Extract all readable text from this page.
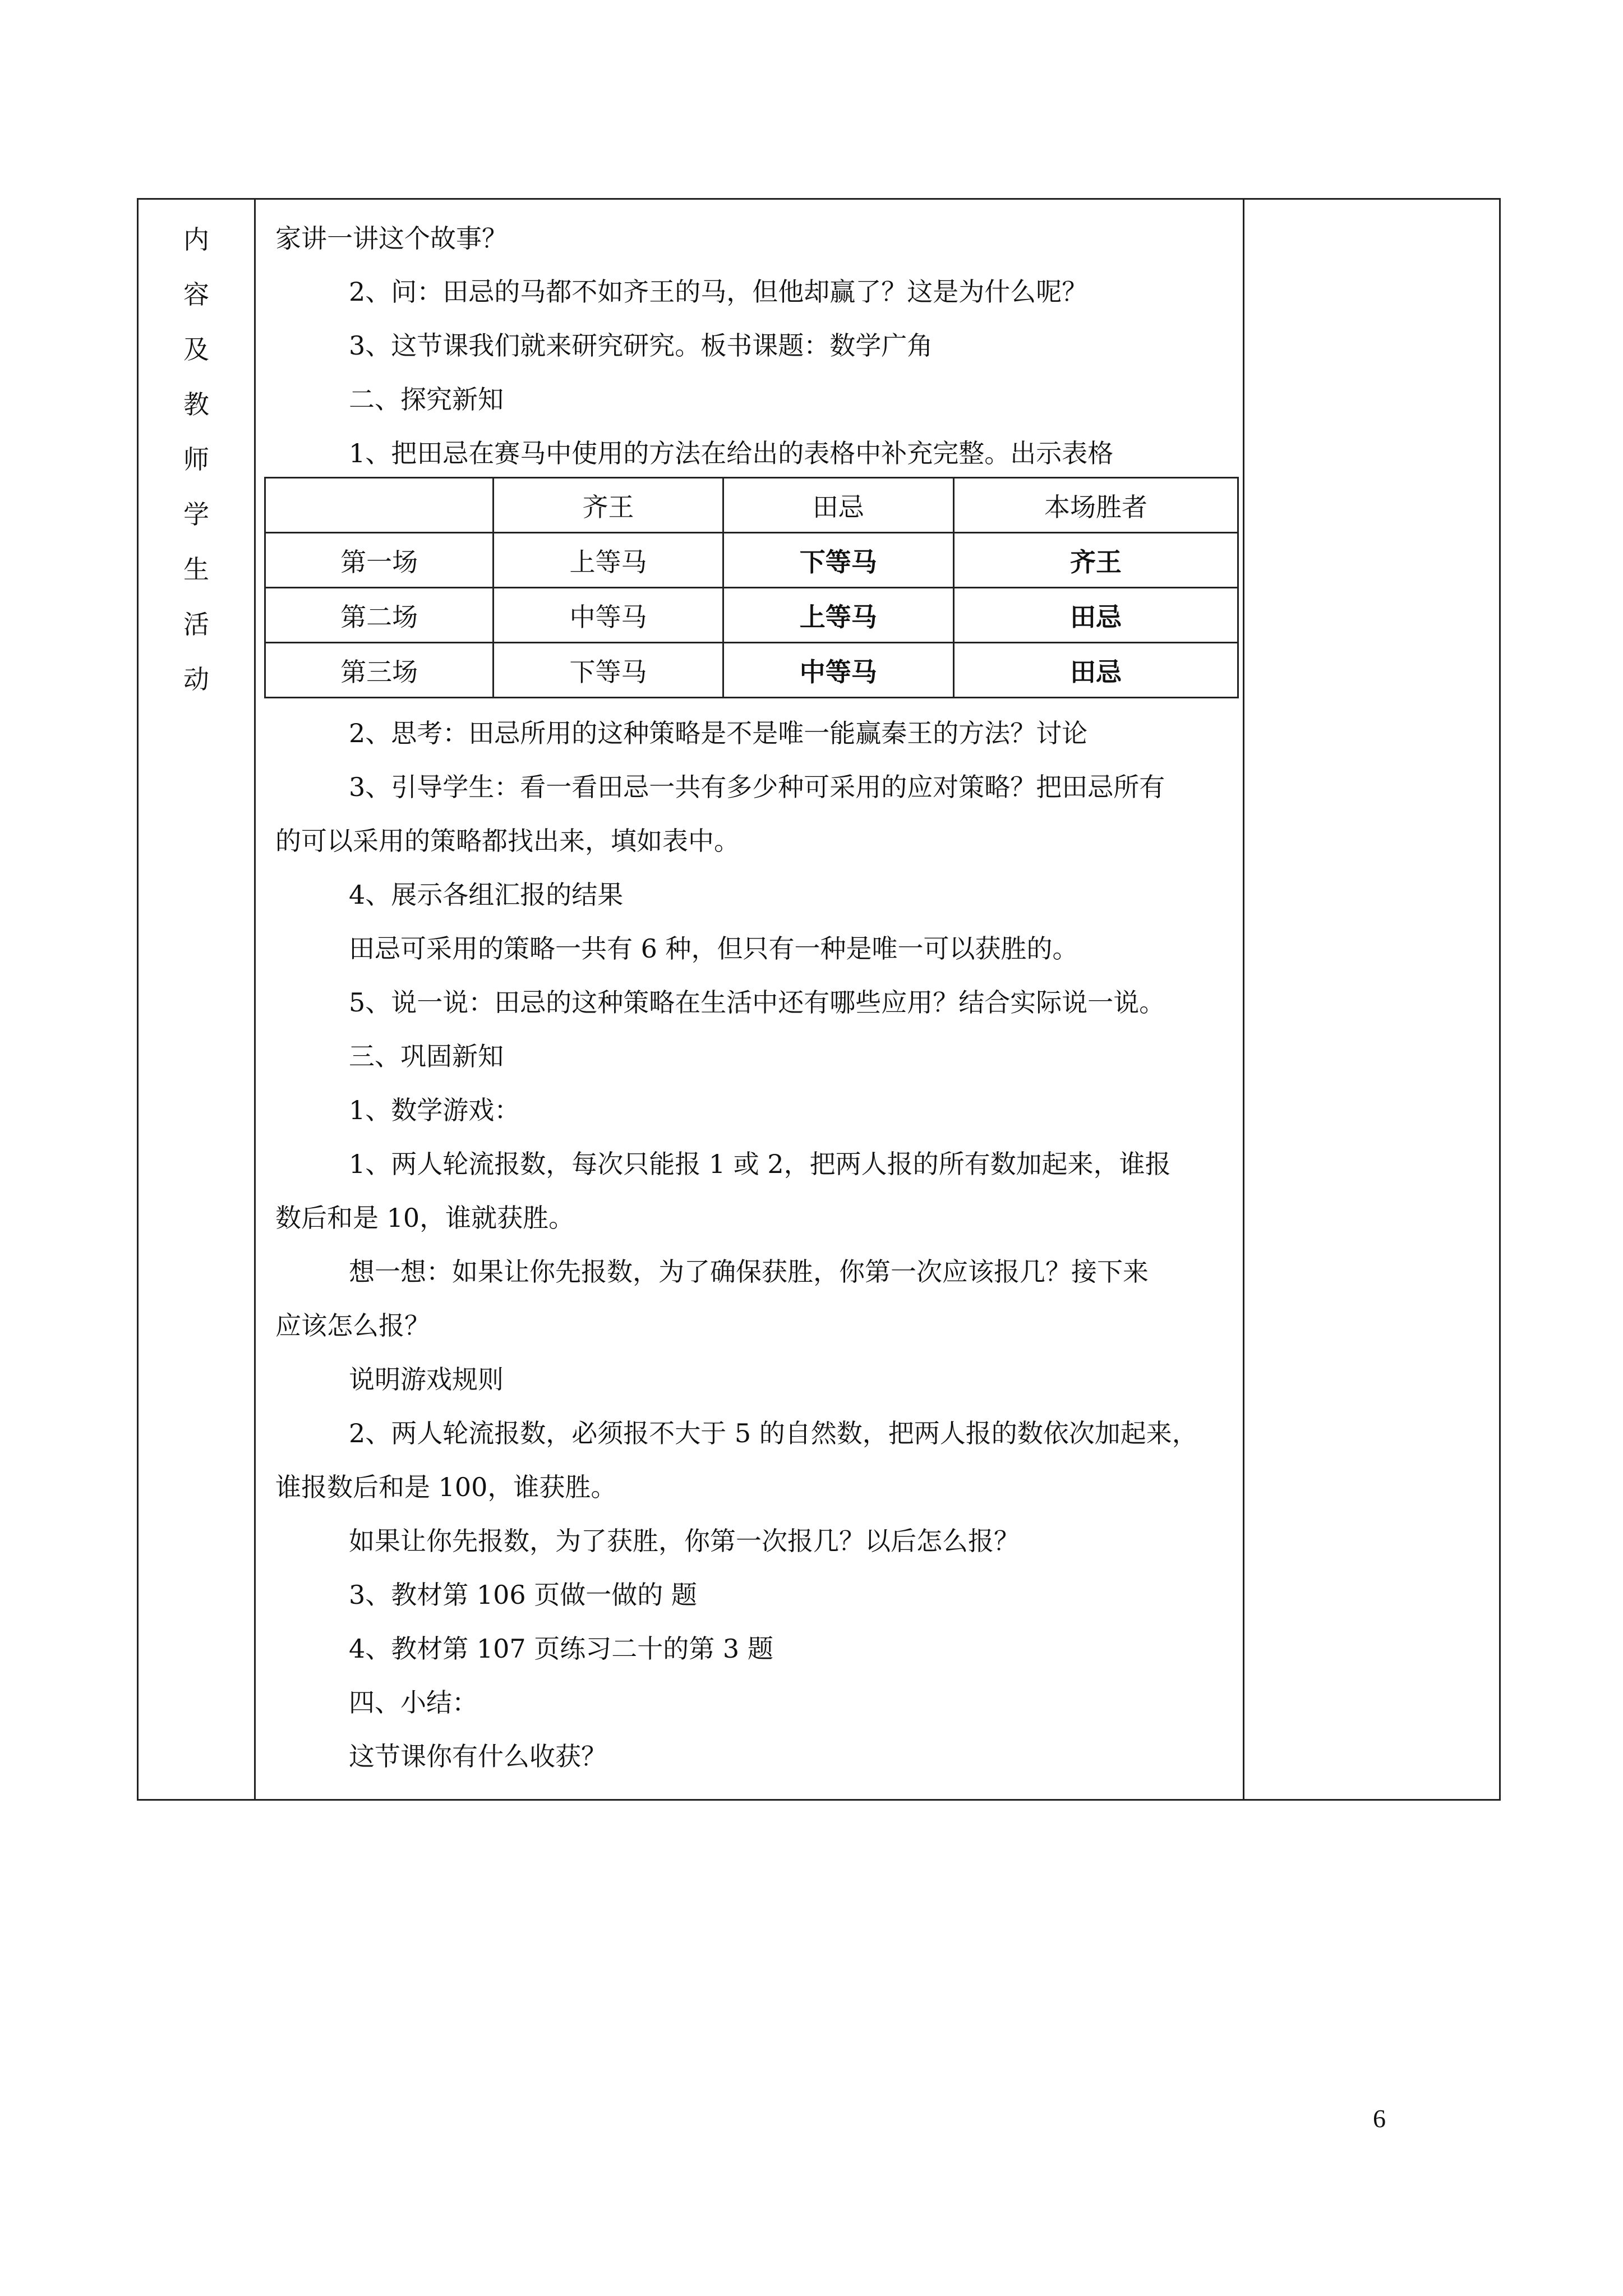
内
容
及
教
师
学
生
活
动
家讲一讲这个故事？
2、问：田忌的马都不如齐王的马，但他却赢了？这是为什么呢？
3、这节课我们就来研究研究。板书课题：数学广角
二、探究新知
1、把田忌在赛马中使用的方法在给出的表格中补充完整。出示表格
2、思考：田忌所用的这种策略是不是唯一能赢秦王的方法？讨论
3、引导学生：看一看田忌一共有多少种可采用的应对策略？把田忌所有
的可以采用的策略都找出来，填如表中。
4、展示各组汇报的结果
田忌可采用的策略一共有 6 种，但只有一种是唯一可以获胜的。
5、说一说：田忌的这种策略在生活中还有哪些应用？结合实际说一说。
三、巩固新知
1、数学游戏：
1、两人轮流报数，每次只能报 1 或 2，把两人报的所有数加起来，谁报
数后和是 10，谁就获胜。
想一想：如果让你先报数，为了确保获胜，你第一次应该报几？接下来
应该怎么报？
说明游戏规则
2、两人轮流报数，必须报不大于 5 的自然数，把两人报的数依次加起来，
谁报数后和是 100，谁获胜。
如果让你先报数，为了获胜，你第一次报几？以后怎么报？
3、教材第 106 页做一做的 题
4、教材第 107 页练习二十的第 3 题
四、小结：
这节课你有什么收获？
	齐王	田忌	本场胜者
第一场	上等马	下等马	齐王
第二场	中等马	上等马	田忌
第三场	下等马	中等马	田忌
6
